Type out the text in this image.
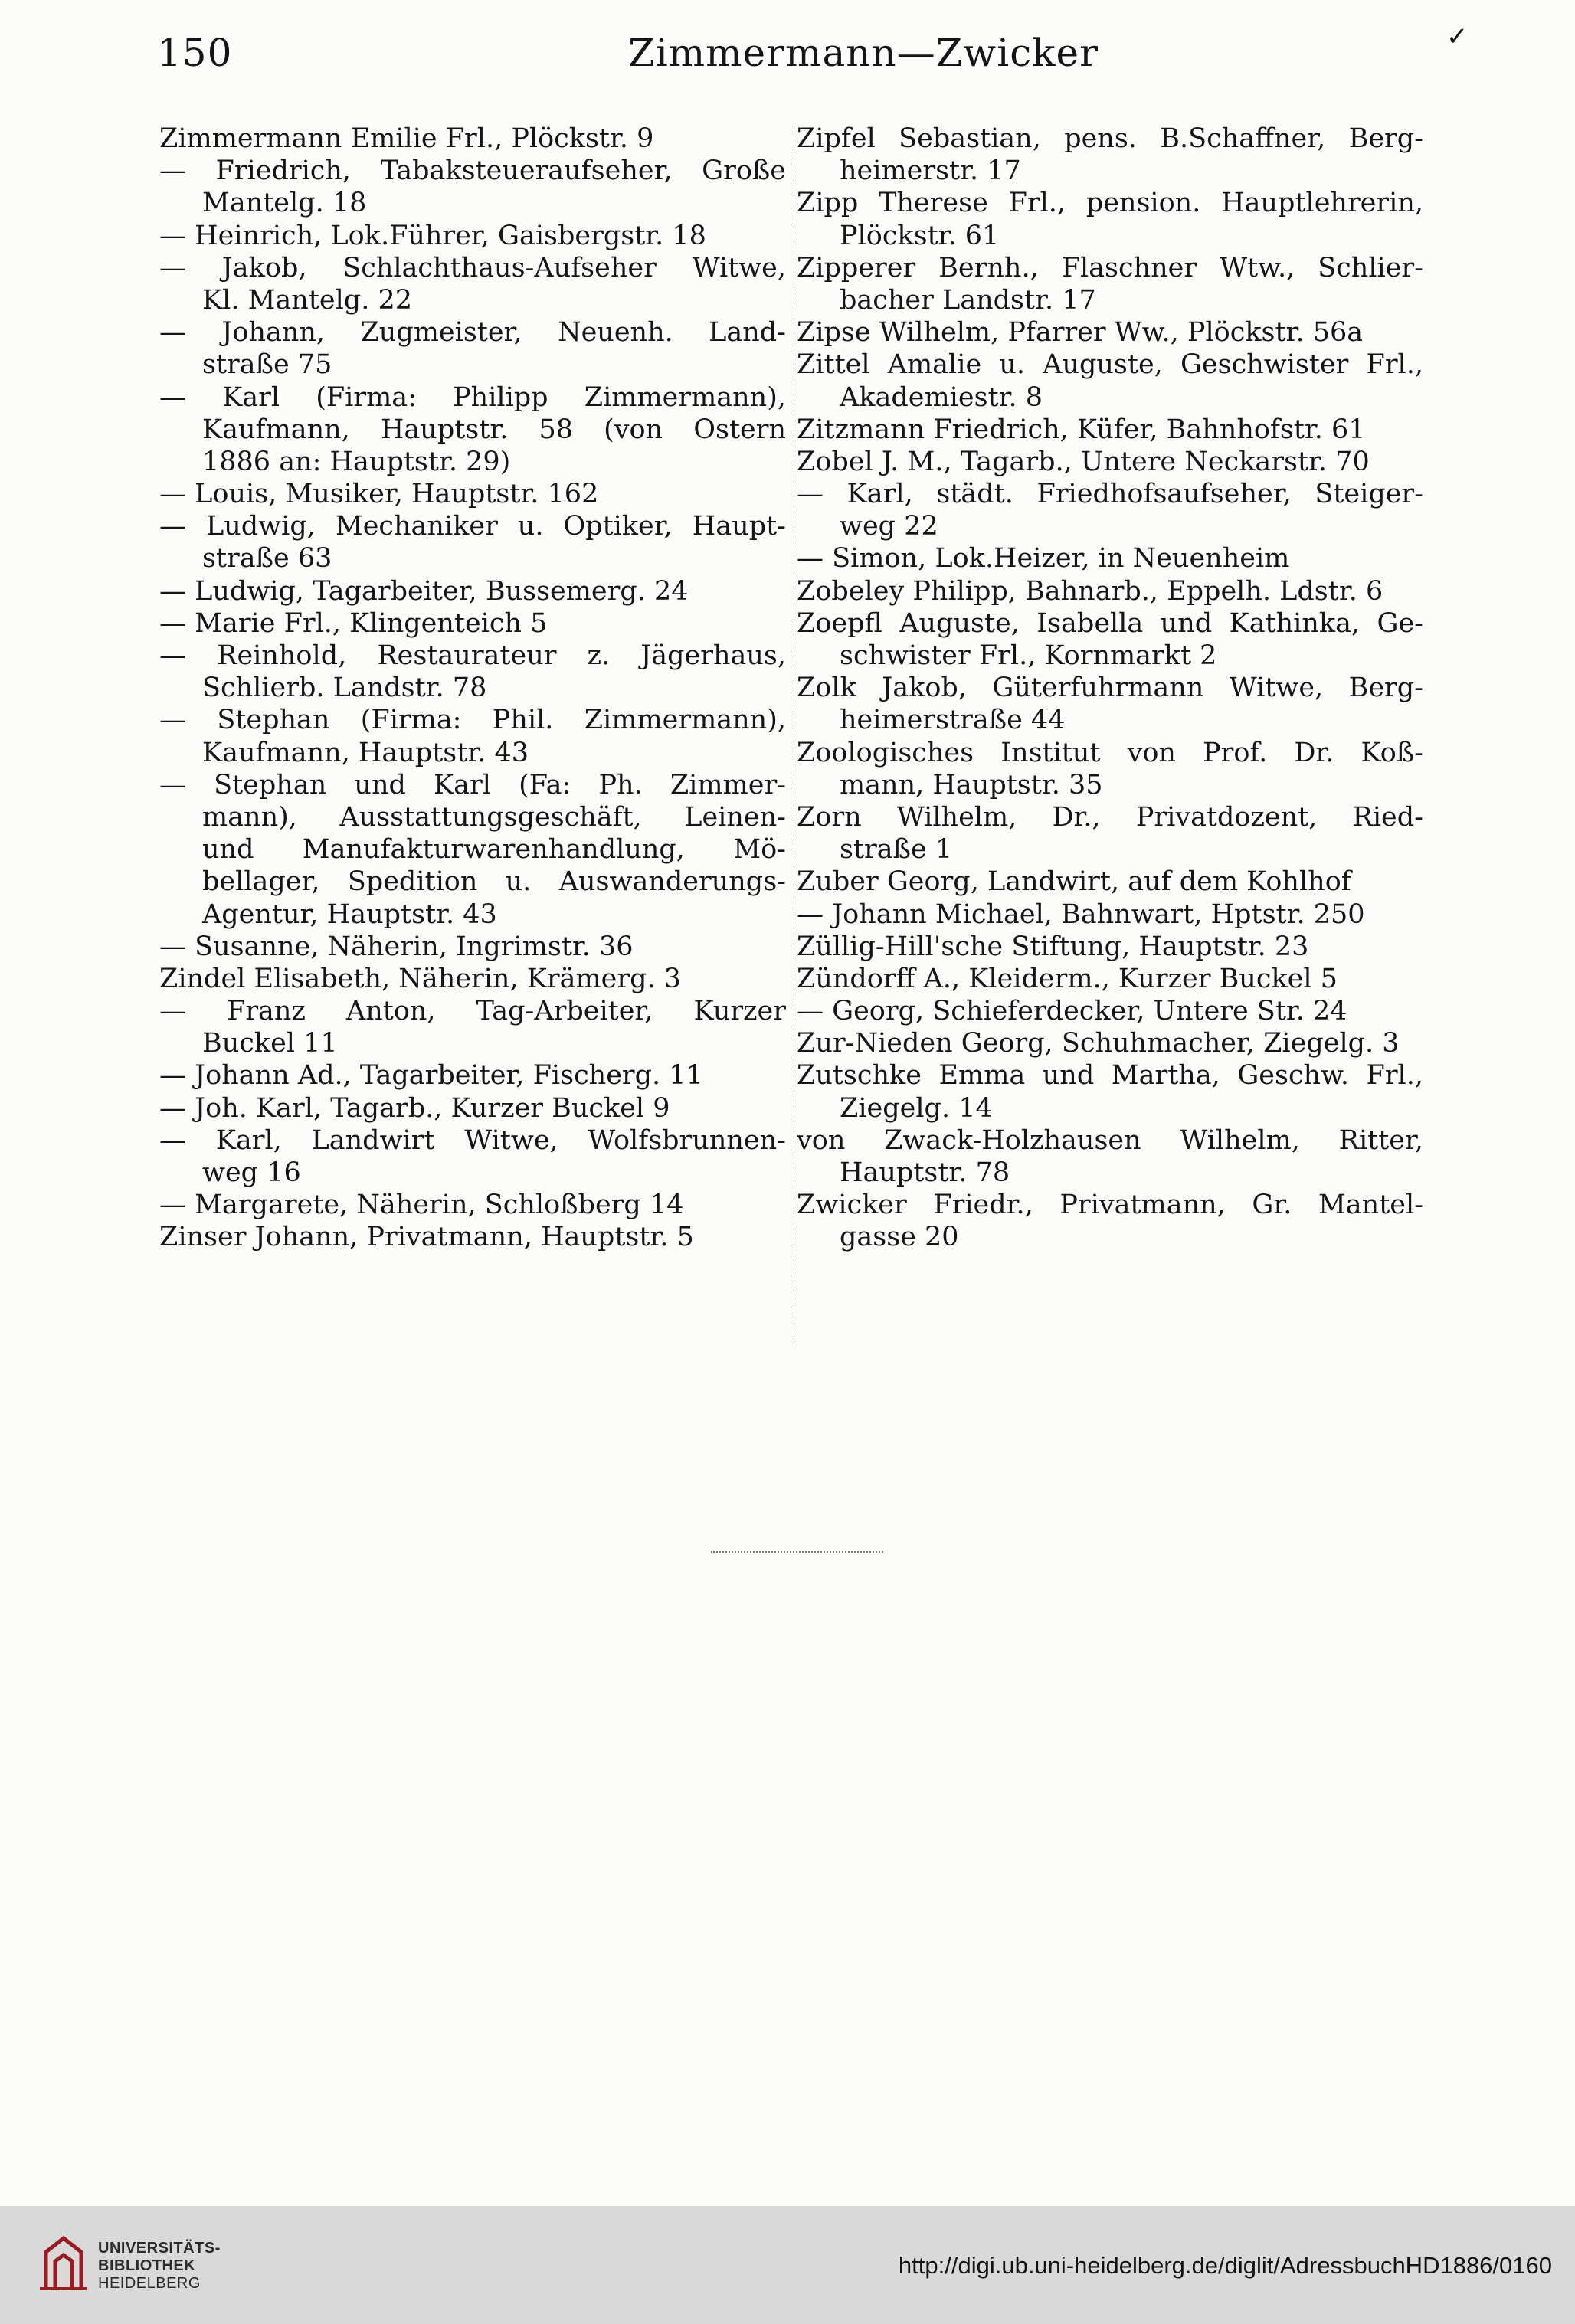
150	Zimmermann—Zwicker	✓
Zimmermann Emilie Frl., Plöckstr. 9
— Friedrich, Tabaksteueraufseher, Große
Mantelg. 18
— Heinrich, Lok.Führer, Gaisbergstr. 18
— Jakob, Schlachthaus-Aufseher Witwe,
Kl. Mantelg. 22
— Johann, Zugmeister, Neuenh. Land-
straße 75
— Karl (Firma: Philipp Zimmermann),
Kaufmann, Hauptstr. 58 (von Ostern
1886 an: Hauptstr. 29)
— Louis, Musiker, Hauptstr. 162
— Ludwig, Mechaniker u. Optiker, Haupt-
straße 63
— Ludwig, Tagarbeiter, Bussemerg. 24
— Marie Frl., Klingenteich 5
— Reinhold, Restaurateur z. Jägerhaus,
Schlierb. Landstr. 78
— Stephan (Firma: Phil. Zimmermann),
Kaufmann, Hauptstr. 43
— Stephan und Karl (Fa: Ph. Zimmer-
mann), Ausstattungsgeschäft, Leinen-
und Manufakturwarenhandlung, Mö-
bellager, Spedition u. Auswanderungs-
Agentur, Hauptstr. 43
— Susanne, Näherin, Ingrimstr. 36
Zindel Elisabeth, Näherin, Krämerg. 3
— Franz Anton, Tag-Arbeiter, Kurzer
Buckel 11
— Johann Ad., Tagarbeiter, Fischerg. 11
— Joh. Karl, Tagarb., Kurzer Buckel 9
— Karl, Landwirt Witwe, Wolfsbrunnen-
weg 16
— Margarete, Näherin, Schloßberg 14
Zinser Johann, Privatmann, Hauptstr. 5
Zipfel Sebastian, pens. B.Schaffner, Berg-
heimerstr. 17
Zipp Therese Frl., pension. Hauptlehrerin,
Plöckstr. 61
Zipperer Bernh., Flaschner Wtw., Schlier-
bacher Landstr. 17
Zipse Wilhelm, Pfarrer Ww., Plöckstr. 56a
Zittel Amalie u. Auguste, Geschwister Frl.,
Akademiestr. 8
Zitzmann Friedrich, Küfer, Bahnhofstr. 61
Zobel J. M., Tagarb., Untere Neckarstr. 70
— Karl, städt. Friedhofsaufseher, Steiger-
weg 22
— Simon, Lok.Heizer, in Neuenheim
Zobeley Philipp, Bahnarb., Eppelh. Ldstr. 6
Zoepfl Auguste, Isabella und Kathinka, Ge-
schwister Frl., Kornmarkt 2
Zolk Jakob, Güterfuhrmann Witwe, Berg-
heimerstraße 44
Zoologisches Institut von Prof. Dr. Koß-
mann, Hauptstr. 35
Zorn Wilhelm, Dr., Privatdozent, Ried-
straße 1
Zuber Georg, Landwirt, auf dem Kohlhof
— Johann Michael, Bahnwart, Hptstr. 250
Züllig-Hill'sche Stiftung, Hauptstr. 23
Zündorff A., Kleiderm., Kurzer Buckel 5
— Georg, Schieferdecker, Untere Str. 24
Zur-Nieden Georg, Schuhmacher, Ziegelg. 3
Zutschke Emma und Martha, Geschw. Frl.,
Ziegelg. 14
von Zwack-Holzhausen Wilhelm, Ritter,
Hauptstr. 78
Zwicker Friedr., Privatmann, Gr. Mantel-
gasse 20
UNIVERSITÄTS-
BIBLIOTHEK
HEIDELBERG
http://digi.ub.uni-heidelberg.de/diglit/AdressbuchHD1886/0160
